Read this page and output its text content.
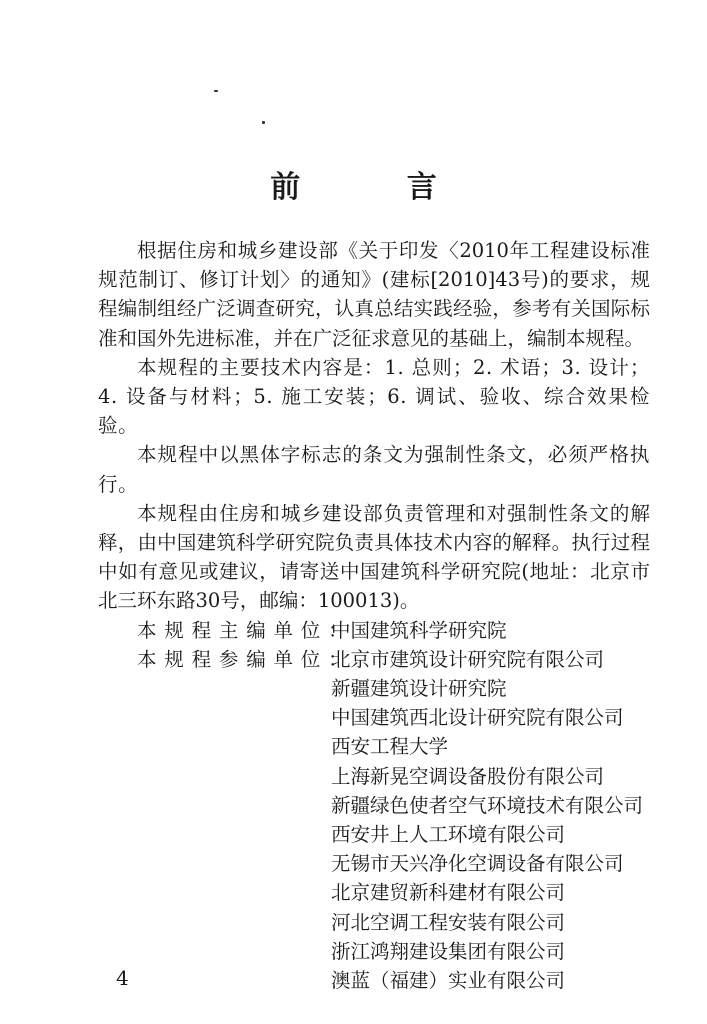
前 言

根据住房和城乡建设部《关于印发〈2010年工程建设标准规范制订、修订计划〉的通知》(建标[2010]43号)的要求，规程编制组经广泛调查研究，认真总结实践经验，参考有关国际标准和国外先进标准，并在广泛征求意见的基础上，编制本规程。

本规程的主要技术内容是：1. 总则；2. 术语；3. 设计；4. 设备与材料；5. 施工安装；6. 调试、验收、综合效果检验。

本规程中以黑体字标志的条文为强制性条文，必须严格执行。

本规程由住房和城乡建设部负责管理和对强制性条文的解释，由中国建筑科学研究院负责具体技术内容的解释。执行过程中如有意见或建议，请寄送中国建筑科学研究院(地址：北京市北三环东路30号，邮编：100013)。

本规程主编单位：
中国建筑科学研究院
本规程参编单位：
北京市建筑设计研究院有限公司
新疆建筑设计研究院
中国建筑西北设计研究院有限公司
西安工程大学
上海新晃空调设备股份有限公司
新疆绿色使者空气环境技术有限公司
西安井上人工环境有限公司
无锡市天兴净化空调设备有限公司
北京建贸新科建材有限公司
河北空调工程安装有限公司
浙江鸿翔建设集团有限公司
澳蓝（福建）实业有限公司
4
